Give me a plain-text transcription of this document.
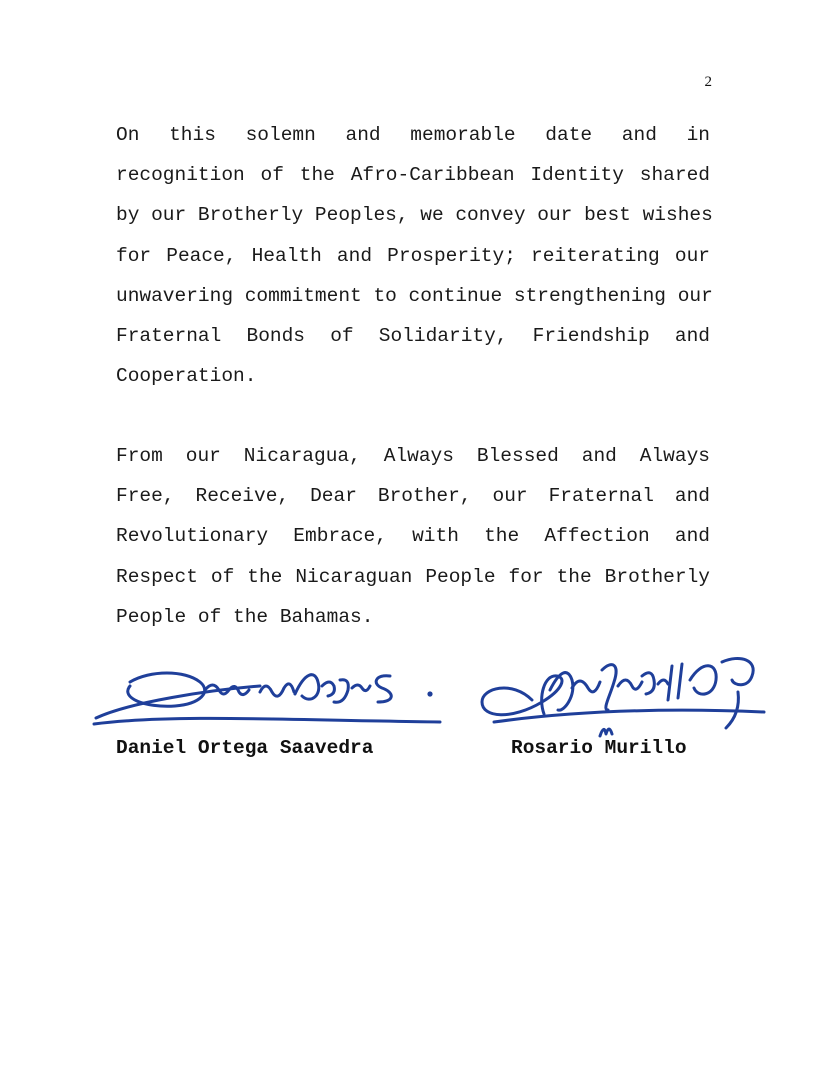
2

On this solemn and memorable date and in
recognition of the Afro-Caribbean Identity shared
by our Brotherly Peoples, we convey our best wishes
for Peace, Health and Prosperity; reiterating our
unwavering commitment to continue strengthening our
Fraternal Bonds of Solidarity, Friendship and
Cooperation.

From our Nicaragua, Always Blessed and Always
Free, Receive, Dear Brother, our Fraternal and
Revolutionary Embrace, with the Affection and
Respect of the Nicaraguan People for the Brotherly
People of the Bahamas.

Daniel Ortega Saavedra	Rosario Murillo
